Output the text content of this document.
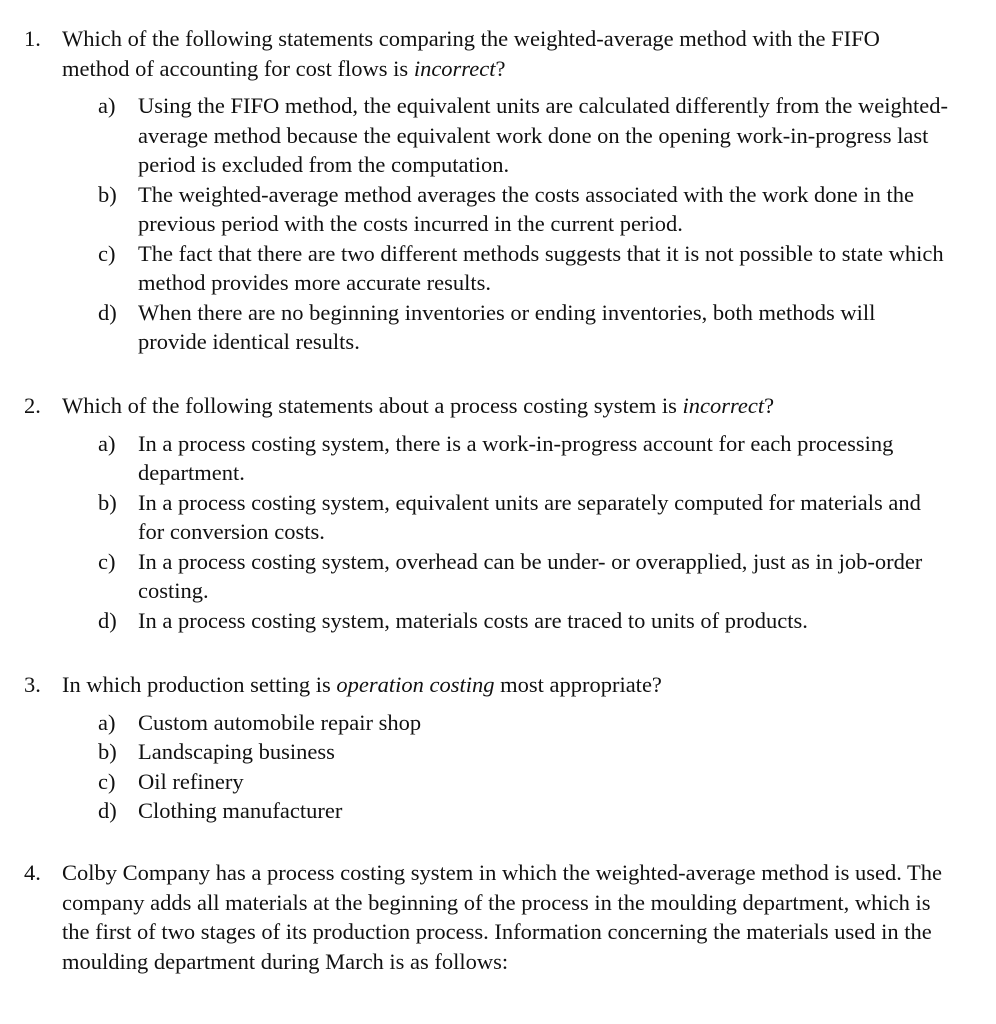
1. Which of the following statements comparing the weighted-average method with the FIFO method of accounting for cost flows is incorrect?
a) Using the FIFO method, the equivalent units are calculated differently from the weighted-average method because the equivalent work done on the opening work-in-progress last period is excluded from the computation.
b) The weighted-average method averages the costs associated with the work done in the previous period with the costs incurred in the current period.
c) The fact that there are two different methods suggests that it is not possible to state which method provides more accurate results.
d) When there are no beginning inventories or ending inventories, both methods will provide identical results.
2. Which of the following statements about a process costing system is incorrect?
a) In a process costing system, there is a work-in-progress account for each processing department.
b) In a process costing system, equivalent units are separately computed for materials and for conversion costs.
c) In a process costing system, overhead can be under- or overapplied, just as in job-order costing.
d) In a process costing system, materials costs are traced to units of products.
3. In which production setting is operation costing most appropriate?
a) Custom automobile repair shop
b) Landscaping business
c) Oil refinery
d) Clothing manufacturer
4. Colby Company has a process costing system in which the weighted-average method is used. The company adds all materials at the beginning of the process in the moulding department, which is the first of two stages of its production process. Information concerning the materials used in the moulding department during March is as follows:
